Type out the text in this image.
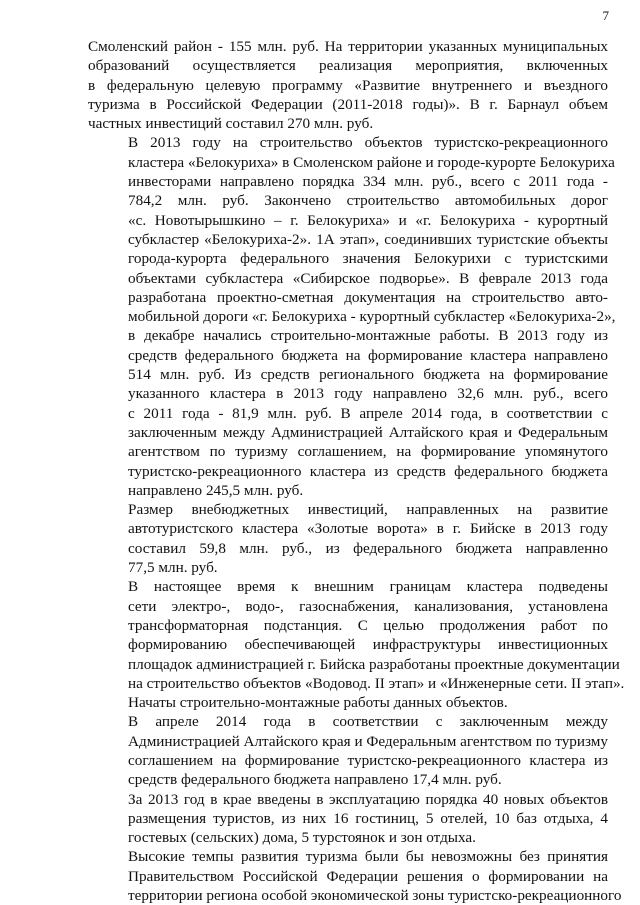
7

Смоленский район - 155 млн. руб. На территории указанных муниципальных
образований осуществляется реализация мероприятия, включенных
в федеральную целевую программу «Развитие внутреннего и въездного
туризма в Российской Федерации (2011-2018 годы)». В г. Барнаул объем
частных инвестиций составил 270 млн. руб.

В 2013 году на строительство объектов туристско-рекреационного
кластера «Белокуриха» в Смоленском районе и городе-курорте Белокуриха
инвесторами направлено порядка 334 млн. руб., всего с 2011 года -
784,2 млн. руб. Закончено строительство автомобильных дорог
«с. Новотырышкино – г. Белокуриха» и «г. Белокуриха - курортный
субкластер «Белокуриха-2». 1А этап», соединивших туристские объекты
города-курорта федерального значения Белокурихи с туристскими
объектами субкластера «Сибирское подворье». В феврале 2013 года
разработана проектно-сметная документация на строительство авто-
мобильной дороги «г. Белокуриха - курортный субкластер «Белокуриха-2»,
в декабре начались строительно-монтажные работы. В 2013 году из
средств федерального бюджета на формирование кластера направлено
514 млн. руб. Из средств регионального бюджета на формирование
указанного кластера в 2013 году направлено 32,6 млн. руб., всего
с 2011 года - 81,9 млн. руб. В апреле 2014 года, в соответствии с
заключенным между Администрацией Алтайского края и Федеральным
агентством по туризму соглашением, на формирование упомянутого
туристско-рекреационного кластера из средств федерального бюджета
направлено 245,5 млн. руб.

Размер внебюджетных инвестиций, направленных на развитие
автотуристского кластера «Золотые ворота» в г. Бийске в 2013 году
составил 59,8 млн. руб., из федерального бюджета направленно
77,5 млн. руб.

В настоящее время к внешним границам кластера подведены
сети электро-, водо-, газоснабжения, канализования, установлена
трансформаторная подстанция. С целью продолжения работ по
формированию обеспечивающей инфраструктуры инвестиционных
площадок администрацией г. Бийска разработаны проектные документации
на строительство объектов «Водовод. II этап» и «Инженерные сети. II этап».
Начаты строительно-монтажные работы данных объектов.

В апреле 2014 года в соответствии с заключенным между
Администрацией Алтайского края и Федеральным агентством по туризму
соглашением на формирование туристско-рекреационного кластера из
средств федерального бюджета направлено 17,4 млн. руб.

За 2013 год в крае введены в эксплуатацию порядка 40 новых объектов
размещения туристов, из них 16 гостиниц, 5 отелей, 10 баз отдыха, 4
гостевых (сельских) дома, 5 турстоянок и зон отдыха.

Высокие темпы развития туризма были бы невозможны без принятия
Правительством Российской Федерации решения о формировании на
территории региона особой экономической зоны туристско-рекреационного
